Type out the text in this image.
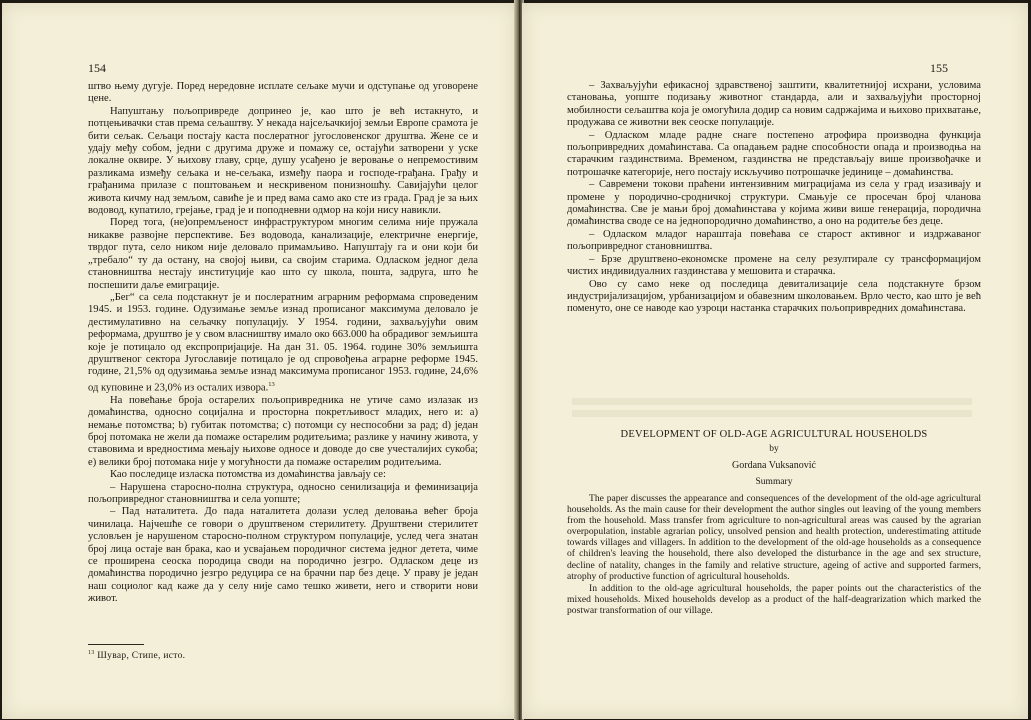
154

штво њему дугује. Поред нередовне исплате сељаке мучи и одступање од уговорене цене.

Напуштању пољопривреде допринео је, као што је већ истакнуто, и потцењивачки став према сељаштву. У некада најсељачкијој земљи Европе срамота је бити сељак. Сељаци постају каста послератног југословенског друштва. Жене се и удају међу собом, једни с другима друже и помажу се, остајући затворени у уске локалне оквире. У њихову главу, срце, душу усађено је веровање о непремостивим разликама између сељака и не-сељака, између паора и господе-грађана. Грађу и грађанима прилазе с поштовањем и нескривеном понизношћу. Савијајући целог живота кичму над земљом, савиће је и пред вама само ако сте из града. Град је за њих водовод, купатило, грејање, град је и поподневни одмор на који нису навикли.

Поред тога, (не)опремљеност инфраструктуром многим селима није пружала никакве развојне перспективе. Без водовода, канализације, електричне енергије, тврдог пута, село ником није деловало примамљиво. Напуштају га и они који би „требало“ ту да остану, на својој њиви, са својим старима. Одласком једног дела становништва нестају институције као што су школа, пошта, задруга, што ће поспешити даље емиграције.

„Бег“ са села подстакнут је и послератним аграрним реформама спроведеним 1945. и 1953. године. Одузимање земље изнад прописаног максимума деловало је дестимулативно на сељачку популацију. У 1954. години, захваљујући овим реформама, друштво је у свом власништву имало око 663.000 ha обрадивог земљишта које је потицало од експропријације. На дан 31. 05. 1964. године 30% земљишта друштвеног сектора Југославије потицало је од спровођења аграрне реформе 1945. године, 21,5% од одузимања земље изнад максимума прописаног 1953. године, 24,6% од куповине и 23,0% из осталих извора.$^{13}$

На повећање броја остарелих пољопривредника не утиче само излазак из домаћинства, односно социјална и просторна покретљивост младих, него и: а) немање потомства; b) губитак потомства; c) потомци су неспособни за рад; d) један број потомака не жели да помаже остарелим родитељима; разлике у начину живота, у ставовима и вредностима мењају њихове односе и доводе до све учесталијих сукоба; е) велики број потомака није у могућности да помаже остарелим родитељима.

Као последице изласка потомства из домаћинства јављају се:

– Нарушена старосно-полна структура, односно сенилизација и феминизација пољопривредног становништва и села уопште;

– Пад наталитета. До пада наталитета долази услед деловања већег броја чинилаца. Најчешће се говори о друштвеном стерилитету. Друштвени стерилитет условљен је нарушеном старосно-полном структуром популације, услед чега знатан број лица остаје ван брака, као и усвајањем породичног система једног детета, чиме се проширена сеоска породица своди на породично језгро. Одласком деце из домаћинства породично језгро редуцира се на брачни пар без деце. У праву је један наш социолог кад каже да у селу није само тешко живети, него и створити нови живот.

$^{13}$ Шувар, Стипе, исто.
155

– Захваљујући ефикасној здравственој заштити, квалитетнијој исхрани, условима становања, уопште подизању животног стандарда, али и захваљујући просторној мобилности сељаштва која је омогућила додир са новим садржајима и њихово прихватање, продужава се животни век сеоске популације.

– Одласком младе радне снаге постепено атрофира производна функција пољопривредних домаћинстава. Са опадањем радне способности опада и производња на старачким газдинствима. Временом, газдинства не представљају више произвођачке и потрошачке категорије, него постају искључиво потрошачке јединице – домаћинства.

– Савремени токови праћени интензивним миграцијама из села у град изазивају и промене у породично-сродничкој структури. Смањује се просечан број чланова домаћинства. Све је мањи број домаћинстава у којима живи више генерација, породична домаћинства своде се на једнопородично домаћинство, а оно на родитеље без деце.

– Одласком младог нараштаја повећава се старост активног и издржаваног пољопривредног становништва.

– Брзе друштвено-економске промене на селу резултирале су трансформацијом чистих индивидуалних газдинстава у мешовита и старачка.

Ово су само неке од последица девитализације села подстакнуте брзом индустријализацијом, урбанизацијом и обавезним школовањем. Врло често, као што је већ поменуто, оне се наводе као узроци настанка старачких пољопривредних домаћинстава.

DEVELOPMENT OF OLD-AGE AGRICULTURAL HOUSEHOLDS
by
Gordana Vuksanović
Summary

The paper discusses the appearance and consequences of the development of the old-age agricultural households. As the main cause for their development the author singles out leaving of the young members from the household. Mass transfer from agriculture to non-agricultural areas was caused by the agrarian overpopulation, instable agrarian policy, unsolved pension and health protection, underestimating attitude towards villages and villagers. In addition to the development of the old-age households as a consequence of children's leaving the household, there also developed the disturbance in the age and sex structure, decline of natality, changes in the family and relative structure, ageing of active and supported farmers, atrophy of productive function of agricultural households.

In addition to the old-age agricultural households, the paper points out the characteristics of the mixed households. Mixed households develop as a product of the half-deagrarization which marked the postwar transformation of our village.
